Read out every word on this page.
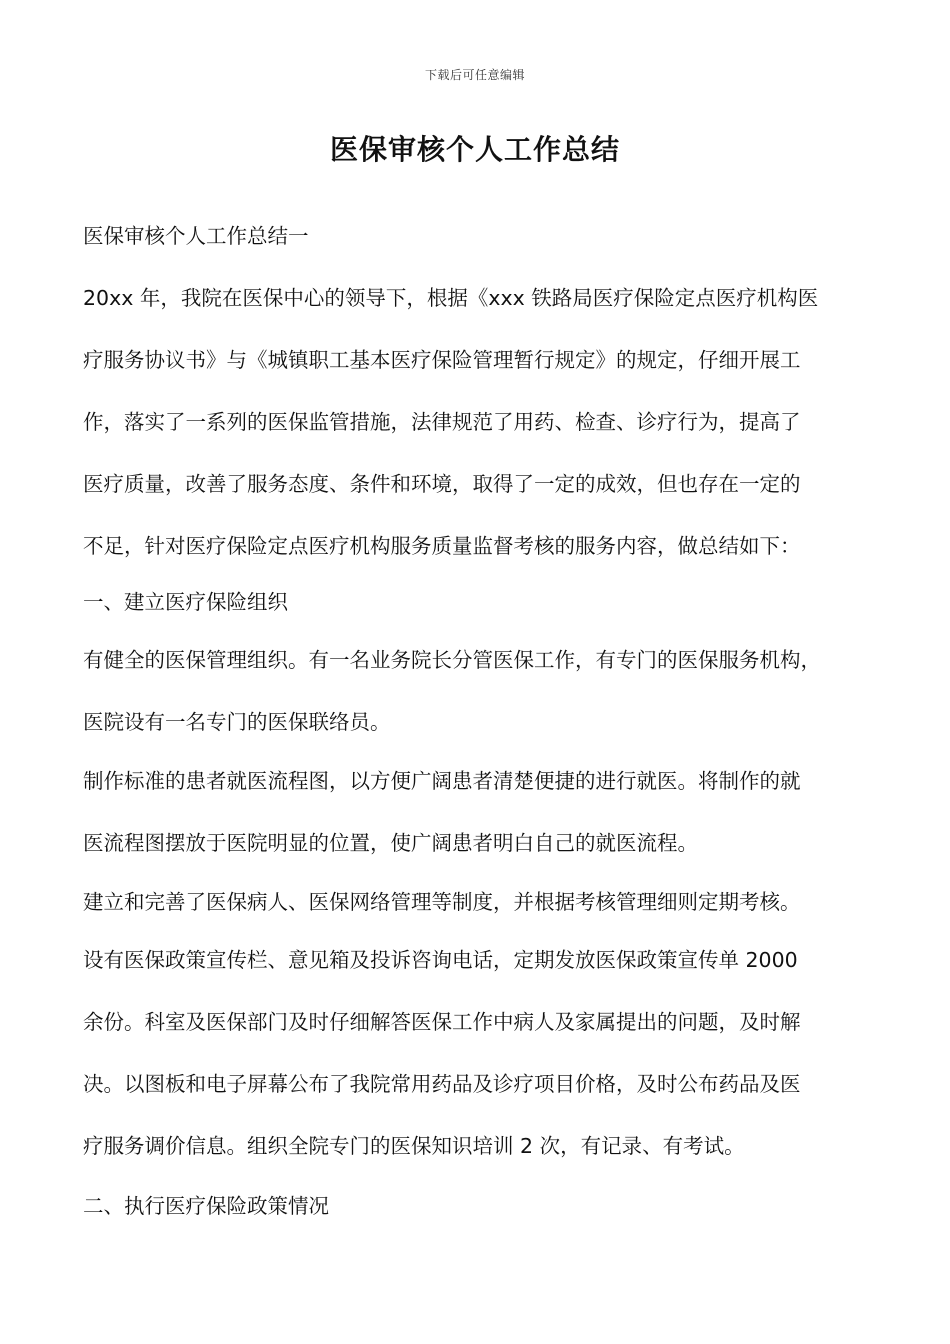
下载后可任意编辑
医保审核个人工作总结
医保审核个人工作总结一
20xx 年，我院在医保中心的领导下，根据《xxx 铁路局医疗保险定点医疗机构医
疗服务协议书》与《城镇职工基本医疗保险管理暂行规定》的规定，仔细开展工
作，落实了一系列的医保监管措施，法律规范了用药、检查、诊疗行为，提高了
医疗质量，改善了服务态度、条件和环境，取得了一定的成效，但也存在一定的
不足，针对医疗保险定点医疗机构服务质量监督考核的服务内容，做总结如下：
一、建立医疗保险组织
有健全的医保管理组织。有一名业务院长分管医保工作，有专门的医保服务机构，
医院设有一名专门的医保联络员。
制作标准的患者就医流程图，以方便广阔患者清楚便捷的进行就医。将制作的就
医流程图摆放于医院明显的位置，使广阔患者明白自己的就医流程。
建立和完善了医保病人、医保网络管理等制度，并根据考核管理细则定期考核。
设有医保政策宣传栏、意见箱及投诉咨询电话，定期发放医保政策宣传单 2000
余份。科室及医保部门及时仔细解答医保工作中病人及家属提出的问题，及时解
决。以图板和电子屏幕公布了我院常用药品及诊疗项目价格，及时公布药品及医
疗服务调价信息。组织全院专门的医保知识培训 2 次，有记录、有考试。
二、执行医疗保险政策情况
